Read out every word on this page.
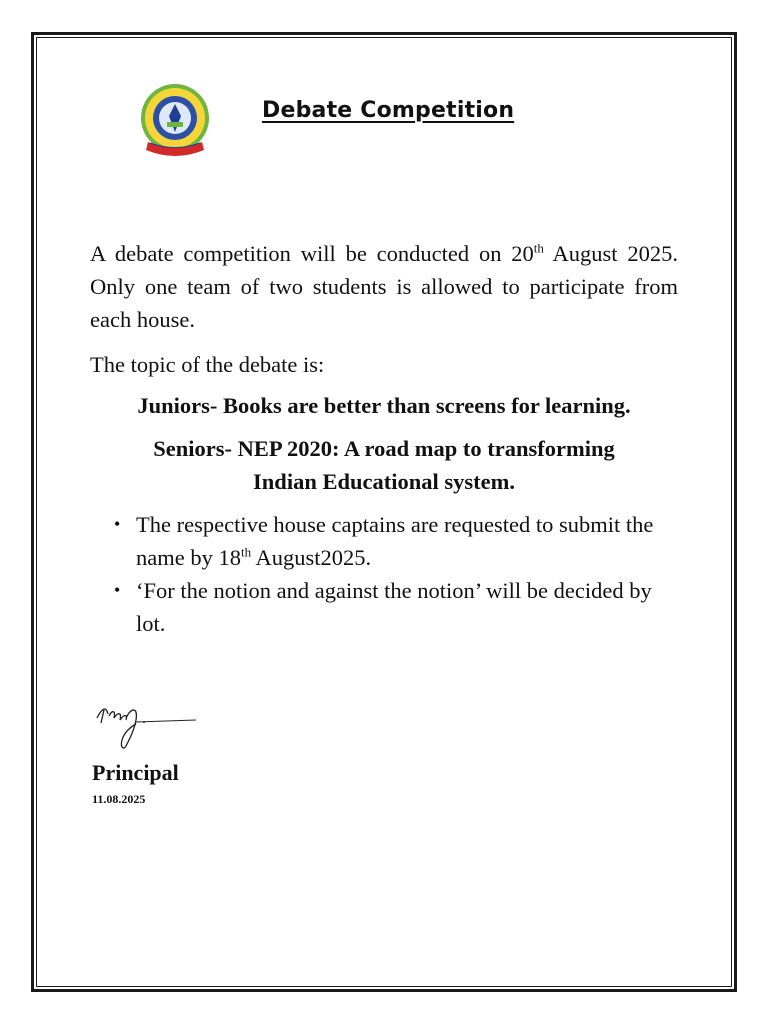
Debate Competition

A debate competition will be conducted on 20th August 2025. Only one team of two students is allowed to participate from each house.

The topic of the debate is:

Juniors- Books are better than screens for learning.

Seniors- NEP 2020: A road map to transforming
Indian Educational system.

• The respective house captains are requested to submit the name by 18th August2025.
• ‘For the notion and against the notion’ will be decided by lot.
Principal
11.08.2025
